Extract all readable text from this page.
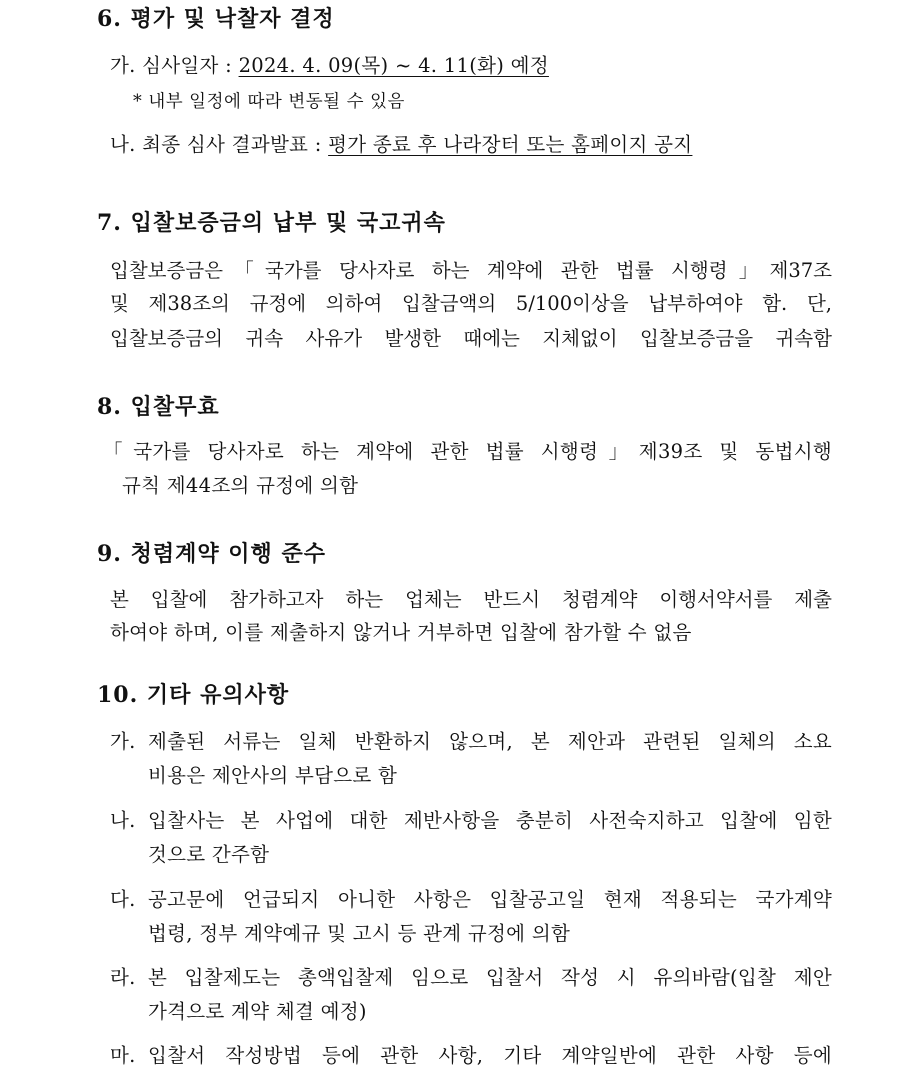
6. 평가 및 낙찰자 결정
가. 심사일자 : 2024. 4. 09(목) ~ 4. 11(화) 예정
* 내부 일정에 따라 변동될 수 있음
나. 최종 심사 결과발표 : 평가 종료 후 나라장터 또는 홈페이지 공지
7. 입찰보증금의 납부 및 국고귀속
입찰보증금은「국가를 당사자로 하는 계약에 관한 법률 시행령」제37조
및 제38조의 규정에 의하여 입찰금액의 5/100이상을 납부하여야 함. 단,
입찰보증금의 귀속 사유가 발생한 때에는 지체없이 입찰보증금을 귀속함
8. 입찰무효
「국가를 당사자로 하는 계약에 관한 법률 시행령」제39조 및 동법시행
규칙 제44조의 규정에 의함
9. 청렴계약 이행 준수
본 입찰에 참가하고자 하는 업체는 반드시 청렴계약 이행서약서를 제출
하여야 하며, 이를 제출하지 않거나 거부하면 입찰에 참가할 수 없음
10. 기타 유의사항
가. 제출된 서류는 일체 반환하지 않으며, 본 제안과 관련된 일체의 소요
비용은 제안사의 부담으로 함
나. 입찰사는 본 사업에 대한 제반사항을 충분히 사전숙지하고 입찰에 임한
것으로 간주함
다. 공고문에 언급되지 아니한 사항은 입찰공고일 현재 적용되는 국가계약
법령, 정부 계약예규 및 고시 등 관계 규정에 의함
라. 본 입찰제도는 총액입찰제 임으로 입찰서 작성 시 유의바람(입찰 제안
가격으로 계약 체결 예정)
마. 입찰서 작성방법 등에 관한 사항, 기타 계약일반에 관한 사항 등에
